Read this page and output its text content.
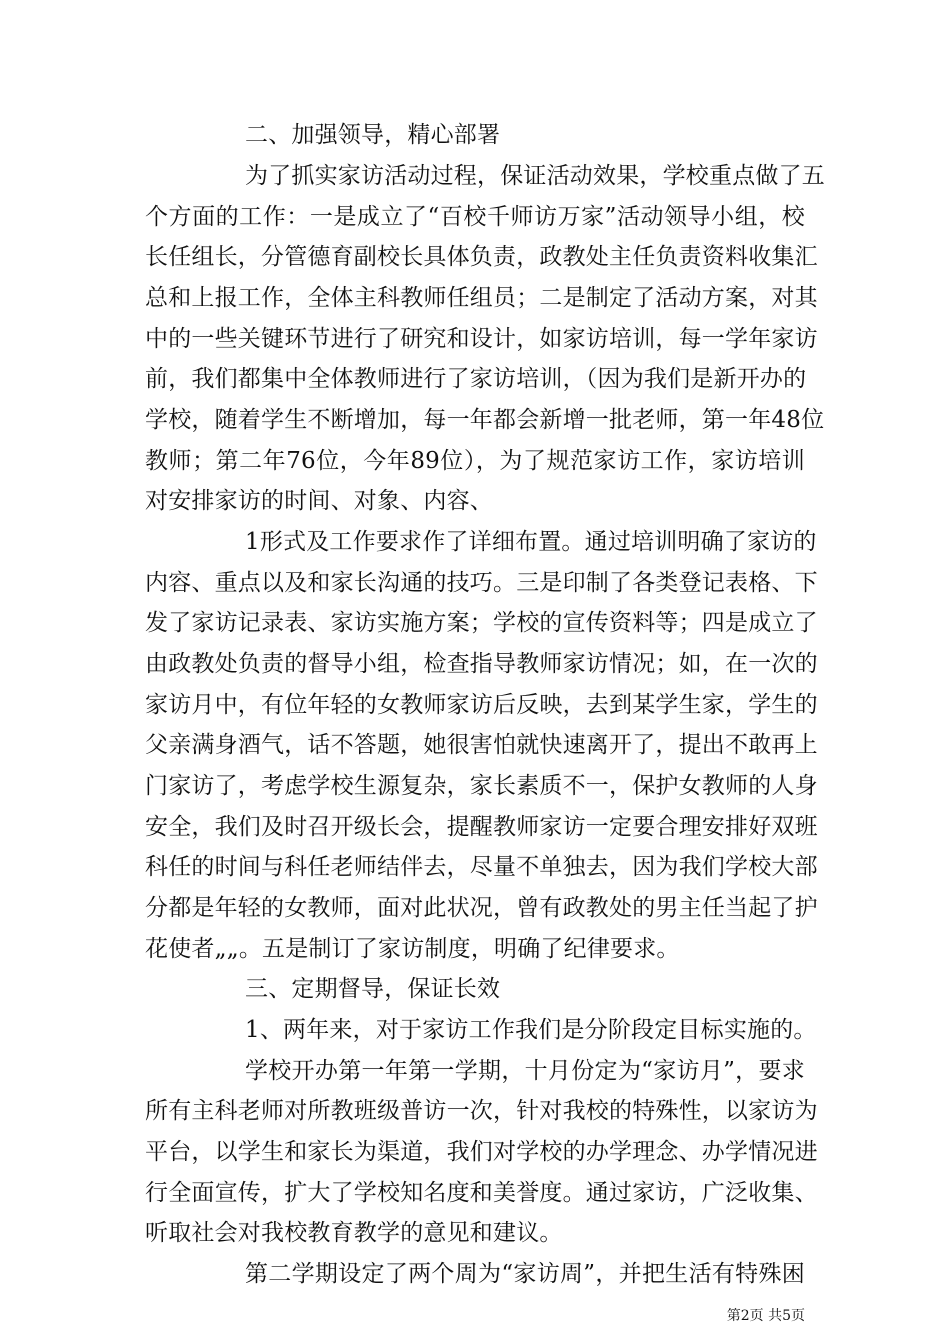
二、加强领导，精心部署
为了抓实家访活动过程，保证活动效果，学校重点做了五
个方面的工作：一是成立了“百校千师访万家”活动领导小组，校
长任组长，分管德育副校长具体负责，政教处主任负责资料收集汇
总和上报工作，全体主科教师任组员；二是制定了活动方案，对其
中的一些关键环节进行了研究和设计，如家访培训，每一学年家访
前，我们都集中全体教师进行了家访培训，（因为我们是新开办的
学校，随着学生不断增加，每一年都会新增一批老师，第一年48位
教师；第二年76位，今年89位），为了规范家访工作，家访培训
对安排家访的时间、对象、内容、
1形式及工作要求作了详细布置。通过培训明确了家访的
内容、重点以及和家长沟通的技巧。三是印制了各类登记表格、下
发了家访记录表、家访实施方案；学校的宣传资料等；四是成立了
由政教处负责的督导小组，检查指导教师家访情况；如，在一次的
家访月中，有位年轻的女教师家访后反映，去到某学生家，学生的
父亲满身酒气，话不答题，她很害怕就快速离开了，提出不敢再上
门家访了，考虑学校生源复杂，家长素质不一，保护女教师的人身
安全，我们及时召开级长会，提醒教师家访一定要合理安排好双班
科任的时间与科任老师结伴去，尽量不单独去，因为我们学校大部
分都是年轻的女教师，面对此状况，曾有政教处的男主任当起了护
花使者„„。五是制订了家访制度，明确了纪律要求。
三、定期督导，保证长效
1、两年来，对于家访工作我们是分阶段定目标实施的。
学校开办第一年第一学期，十月份定为“家访月”，要求
所有主科老师对所教班级普访一次，针对我校的特殊性，以家访为
平台，以学生和家长为渠道，我们对学校的办学理念、办学情况进
行全面宣传，扩大了学校知名度和美誉度。通过家访，广泛收集、
听取社会对我校教育教学的意见和建议。
第二学期设定了两个周为“家访周”，并把生活有特殊困
第2页 共5页
